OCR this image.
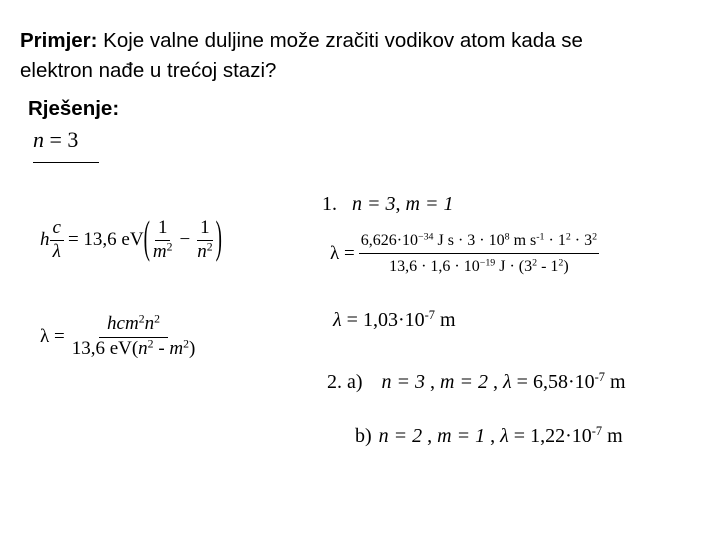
Primjer: Koje valne duljine može zračiti vodikov atom kada se
elektron nađe u trećoj stazi?
Rješenje:
n = 3
h $\frac{c}{\lambda} = 13,6$ eV ( $\frac{1}{m^2} - \frac{1}{n^2}$ )
$\lambda = \frac{hcm^2n^2}{13,6 eV(n^2 - m^2)}$
1. n = 3, m = 1
$\lambda = \frac{6,626\cdot 10^{-34} J s \cdot 3 \cdot 10^8 m s^{-1} \cdot 1^2 \cdot 3^2}{13,6 \cdot 1,6 \cdot 10^{-19} J \cdot (3^2 - 1^2)}$
$\lambda = 1,03\cdot 10^{-7}$ m
2. a) n = 3 , m = 2 , $\lambda = 6,58\cdot 10^{-7}$ m
b) n = 2 , m = 1 , $\lambda = 1,22\cdot 10^{-7}$ m
